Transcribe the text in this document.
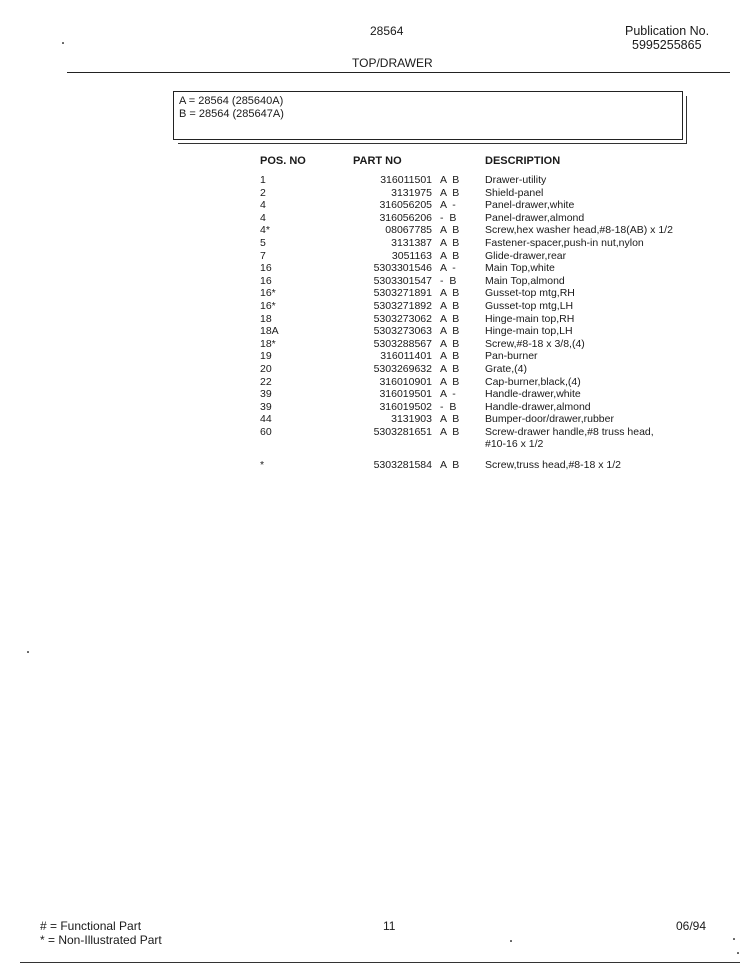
28564	Publication No.
5995255865
TOP/DRAWER
A = 28564 (285640A)
B = 28564 (285647A)
POS. NO	PART NO	DESCRIPTION
1	316011501 A  B	Drawer-utility
2	3131975 A  B	Shield-panel
4	316056205 A  -	Panel-drawer,white
4	316056206 -  B	Panel-drawer,almond
4*	08067785 A  B	Screw,hex washer head,#8-18(AB) x 1/2
5	3131387 A  B	Fastener-spacer,push-in nut,nylon
7	3051163 A  B	Glide-drawer,rear
16	5303301546 A  -	Main Top,white
16	5303301547 -  B	Main Top,almond
16*	5303271891 A  B	Gusset-top mtg,RH
16*	5303271892 A  B	Gusset-top mtg,LH
18	5303273062 A  B	Hinge-main top,RH
18A	5303273063 A  B	Hinge-main top,LH
18*	5303288567 A  B	Screw,#8-18 x 3/8,(4)
19	316011401 A  B	Pan-burner
20	5303269632 A  B	Grate,(4)
22	316010901 A  B	Cap-burner,black,(4)
39	316019501 A  -	Handle-drawer,white
39	316019502 -  B	Handle-drawer,almond
44	3131903 A  B	Bumper-door/drawer,rubber
60	5303281651 A  B	Screw-drawer handle,#8 truss head,
#10-16 x 1/2
*	5303281584 A  B	Screw,truss head,#8-18 x 1/2
# = Functional Part
* = Non-Illustrated Part
11	06/94
